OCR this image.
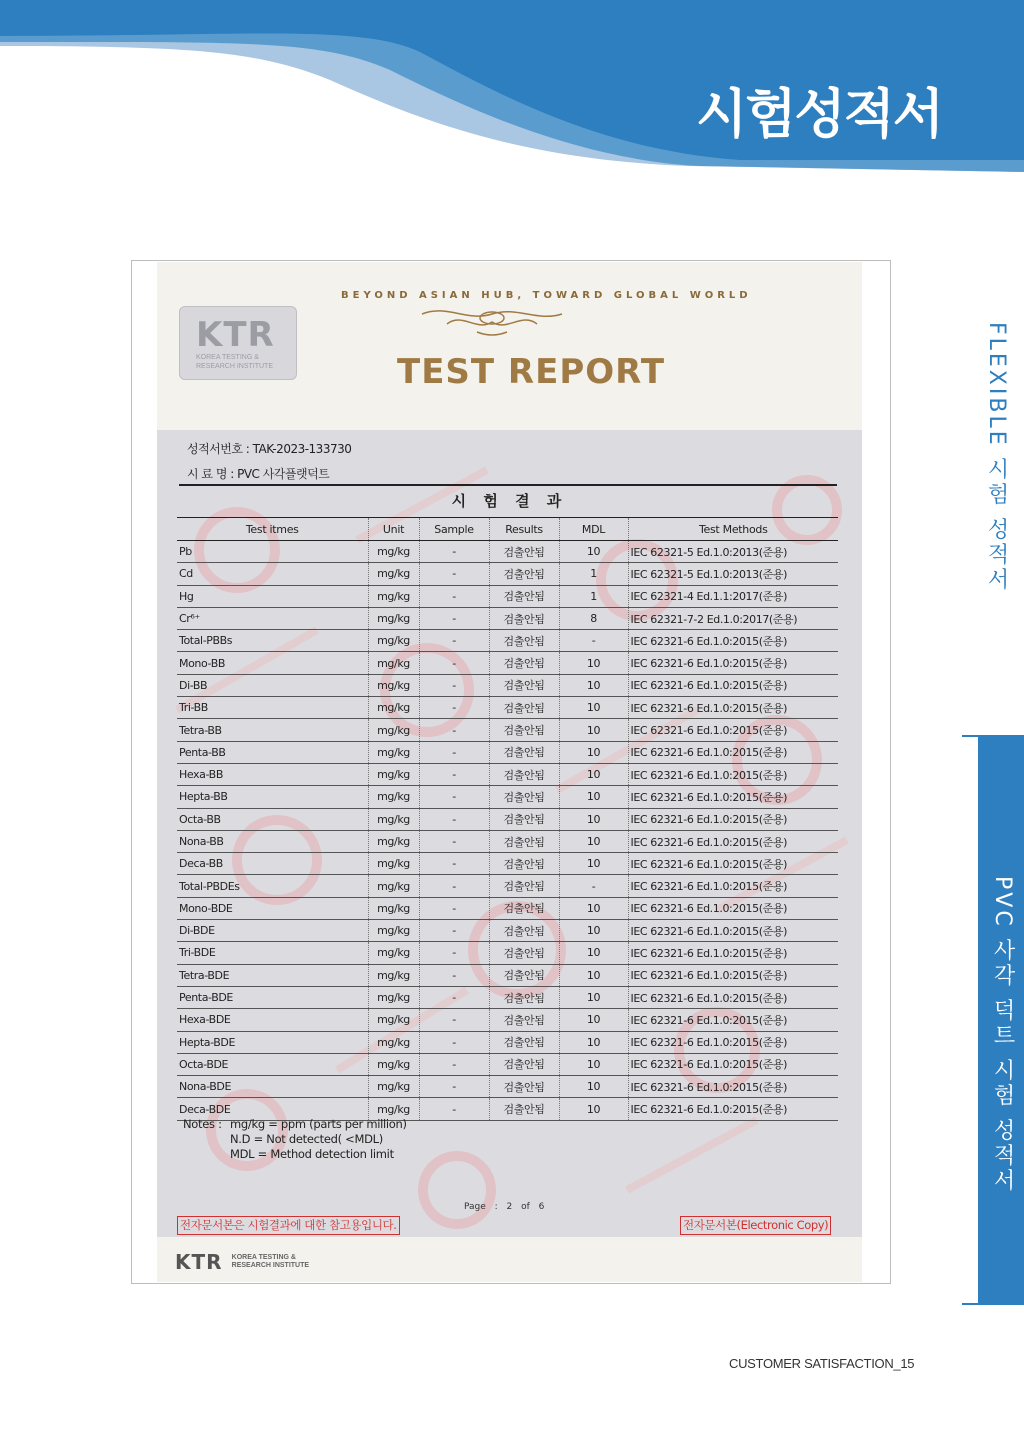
시험성적서
FLEXIBLE 시험 성적서
PVC 사각 덕트 시험 성적서
BEYOND ASIAN HUB, TOWARD GLOBAL WORLD
KTR
KOREA TESTING &
RESEARCH INSTITUTE	TEST REPORT
성적서번호 : TAK-2023-133730
시 료 명 : PVC 사각플랫덕트
시 험 결 과
Test itmes	Unit	Sample	Results	MDL	Test Methods
Pb	mg/kg	-	검출안됨	10	IEC 62321-5 Ed.1.0:2013(준용)
Cd	mg/kg	-	검출안됨	1	IEC 62321-5 Ed.1.0:2013(준용)
Hg	mg/kg	-	검출안됨	1	IEC 62321-4 Ed.1.1:2017(준용)
Cr⁶⁺	mg/kg	-	검출안됨	8	IEC 62321-7-2 Ed.1.0:2017(준용)
Total-PBBs	mg/kg	-	검출안됨	-	IEC 62321-6 Ed.1.0:2015(준용)
Mono-BB	mg/kg	-	검출안됨	10	IEC 62321-6 Ed.1.0:2015(준용)
Di-BB	mg/kg	-	검출안됨	10	IEC 62321-6 Ed.1.0:2015(준용)
Tri-BB	mg/kg	-	검출안됨	10	IEC 62321-6 Ed.1.0:2015(준용)
Tetra-BB	mg/kg	-	검출안됨	10	IEC 62321-6 Ed.1.0:2015(준용)
Penta-BB	mg/kg	-	검출안됨	10	IEC 62321-6 Ed.1.0:2015(준용)
Hexa-BB	mg/kg	-	검출안됨	10	IEC 62321-6 Ed.1.0:2015(준용)
Hepta-BB	mg/kg	-	검출안됨	10	IEC 62321-6 Ed.1.0:2015(준용)
Octa-BB	mg/kg	-	검출안됨	10	IEC 62321-6 Ed.1.0:2015(준용)
Nona-BB	mg/kg	-	검출안됨	10	IEC 62321-6 Ed.1.0:2015(준용)
Deca-BB	mg/kg	-	검출안됨	10	IEC 62321-6 Ed.1.0:2015(준용)
Total-PBDEs	mg/kg	-	검출안됨	-	IEC 62321-6 Ed.1.0:2015(준용)
Mono-BDE	mg/kg	-	검출안됨	10	IEC 62321-6 Ed.1.0:2015(준용)
Di-BDE	mg/kg	-	검출안됨	10	IEC 62321-6 Ed.1.0:2015(준용)
Tri-BDE	mg/kg	-	검출안됨	10	IEC 62321-6 Ed.1.0:2015(준용)
Tetra-BDE	mg/kg	-	검출안됨	10	IEC 62321-6 Ed.1.0:2015(준용)
Penta-BDE	mg/kg	-	검출안됨	10	IEC 62321-6 Ed.1.0:2015(준용)
Hexa-BDE	mg/kg	-	검출안됨	10	IEC 62321-6 Ed.1.0:2015(준용)
Hepta-BDE	mg/kg	-	검출안됨	10	IEC 62321-6 Ed.1.0:2015(준용)
Octa-BDE	mg/kg	-	검출안됨	10	IEC 62321-6 Ed.1.0:2015(준용)
Nona-BDE	mg/kg	-	검출안됨	10	IEC 62321-6 Ed.1.0:2015(준용)
Deca-BDE	mg/kg	-	검출안됨	10	IEC 62321-6 Ed.1.0:2015(준용)
Notes : mg/kg = ppm (parts per million)
N.D = Not detected( <MDL)
MDL = Method detection limit
Page : 2 of 6
전자문서본은 시험결과에 대한 참고용입니다.	전자문서본(Electronic Copy)
KTR KOREA TESTING &
RESEARCH INSTITUTE
CUSTOMER SATISFACTION_15
